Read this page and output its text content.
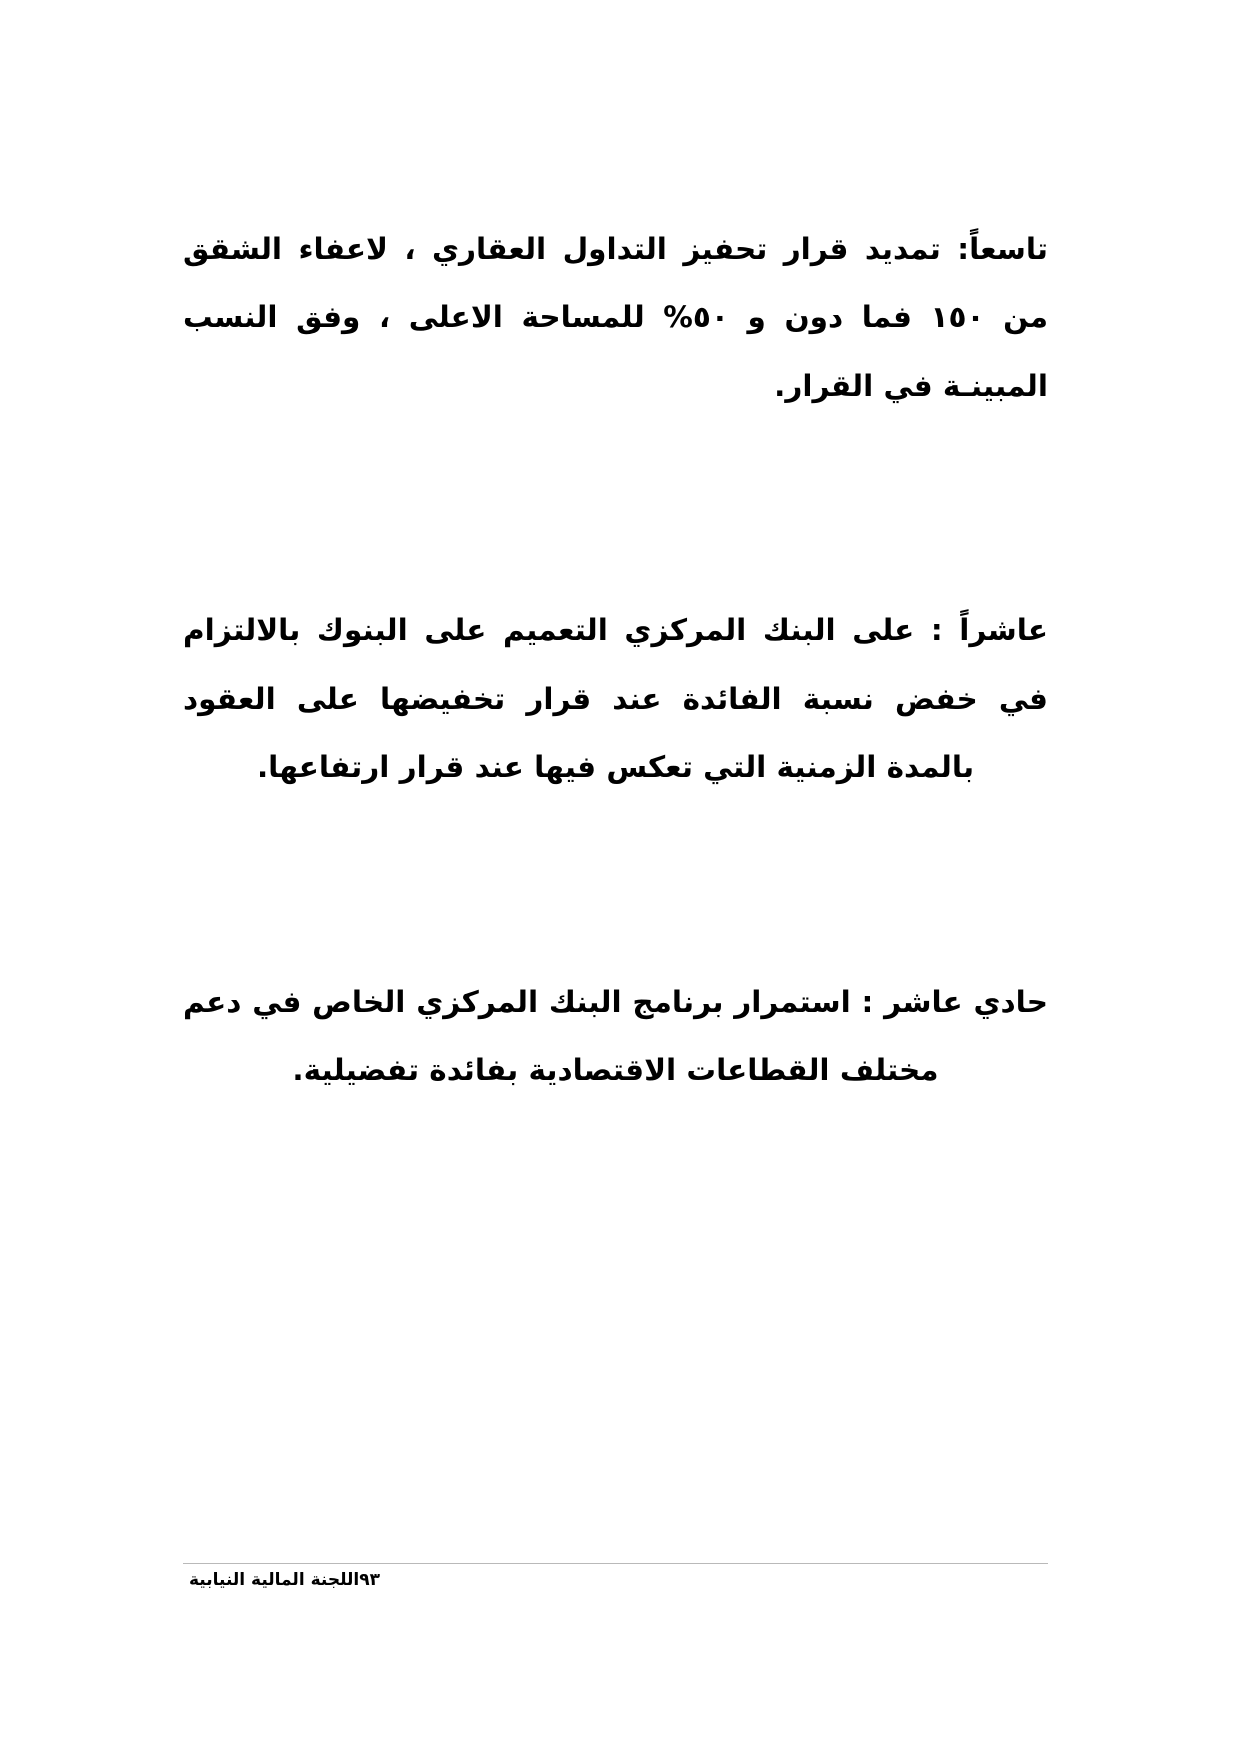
تاسعاً: تمديد قرار تحفيز التداول العقاري ، لاعفاء الشقق من ١٥٠ فما دون و ٥٠% للمساحة الاعلى ، وفق النسب المبينـة في القرار.

عاشراً : على البنك المركزي التعميم على البنوك بالالتزام في خفض نسبة الفائدة عند قرار تخفيضها على العقود بالمدة الزمنية التي تعكس فيها عند قرار ارتفاعها.

حادي عاشر : استمرار برنامج البنك المركزي الخاص في دعم مختلف القطاعات الاقتصادية بفائدة تفضيلية.

٩٣اللجنة المالية النيابية
